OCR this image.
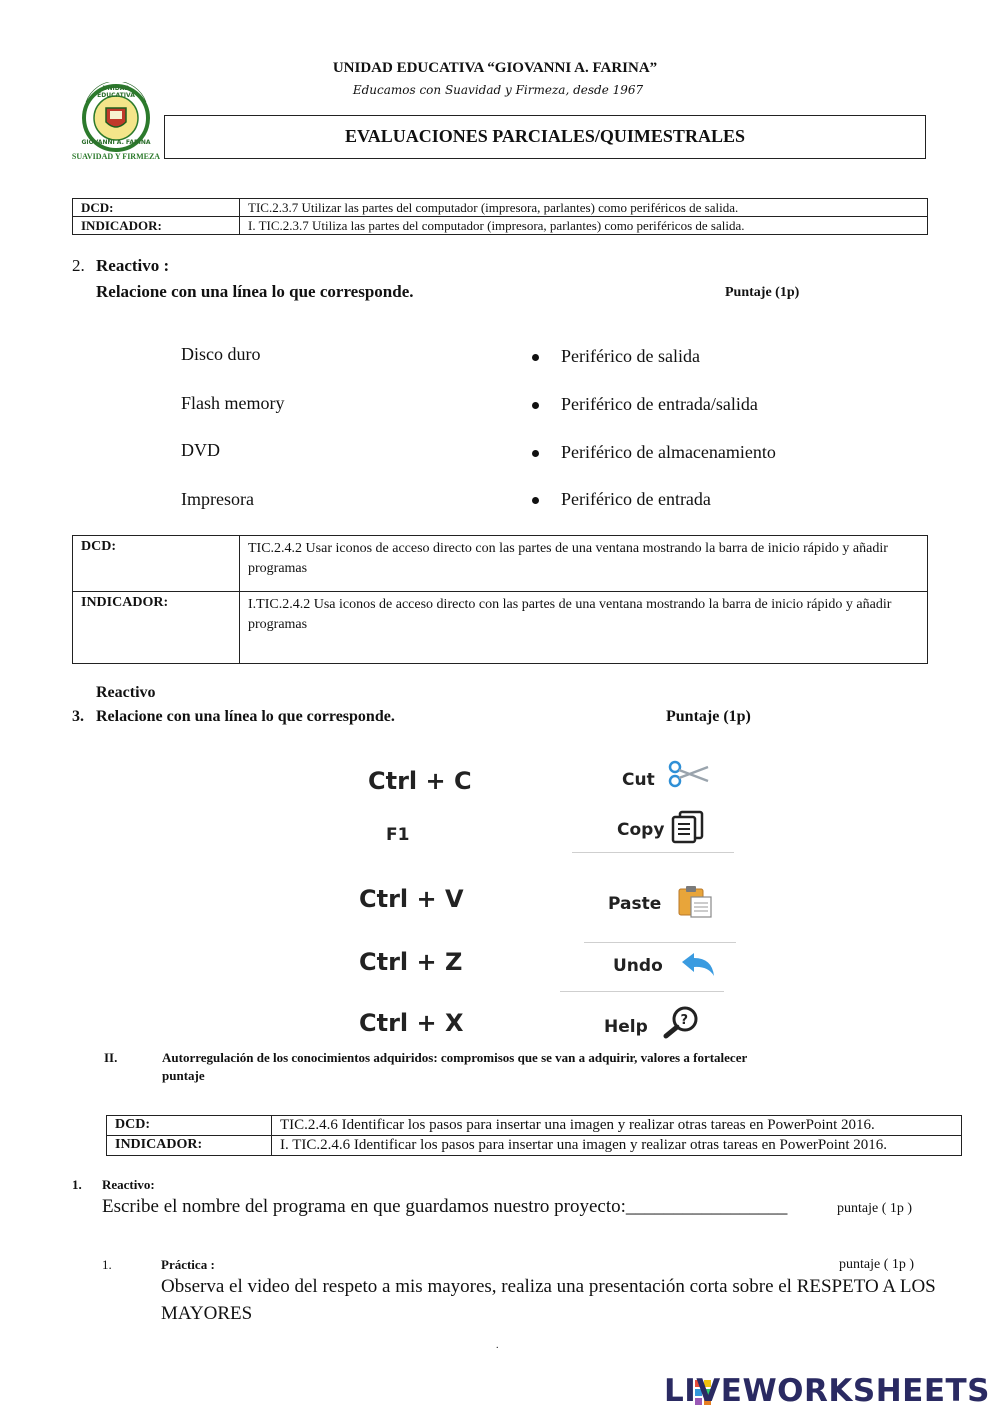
UNIDAD EDUCATIVA “GIOVANNI A. FARINA”
Educamos con Suavidad y Firmeza, desde 1967
UNIDAD EDUCATIVA
GIOVANNI A. FARINA
SUAVIDAD Y FIRMEZA
EVALUACIONES PARCIALES/QUIMESTRALES
DCD:	TIC.2.3.7 Utilizar las partes del computador (impresora, parlantes) como periféricos de salida.
INDICADOR:	I. TIC.2.3.7 Utiliza las partes del computador (impresora, parlantes) como periféricos de salida.
2. Reactivo :
Relacione con una línea lo que corresponde.	Puntaje (1p)
Disco duro
Flash memory
DVD
Impresora
Periférico de salida
Periférico de entrada/salida
Periférico de almacenamiento
Periférico de entrada
DCD:	TIC.2.4.2 Usar iconos de acceso directo con las partes de una ventana mostrando la barra de inicio rápido y añadir programas
INDICADOR:	I.TIC.2.4.2 Usa iconos de acceso directo con las partes de una ventana mostrando la barra de inicio rápido y añadir programas
Reactivo
3. Relacione con una línea lo que corresponde.	Puntaje (1p)
Ctrl + C
F1
Ctrl + V
Ctrl + Z
Ctrl + X
Cut
Copy
Paste
Undo
Help	?
II.	Autorregulación de los conocimientos adquiridos: compromisos que se van a adquirir, valores a fortalecer
puntaje
DCD:	TIC.2.4.6 Identificar los pasos para insertar una imagen y realizar otras tareas en PowerPoint 2016.
INDICADOR:	I. TIC.2.4.6 Identificar los pasos para insertar una imagen y realizar otras tareas en PowerPoint 2016.
1. Reactivo:
Escribe el nombre del programa en que guardamos nuestro proyecto:_________________	puntaje ( 1p )
1.	Práctica :	puntaje ( 1p )
Observa el video del respeto a mis mayores, realiza una presentación corta sobre el RESPETO A LOS MAYORES
.
LIVEWORKSHEETS
